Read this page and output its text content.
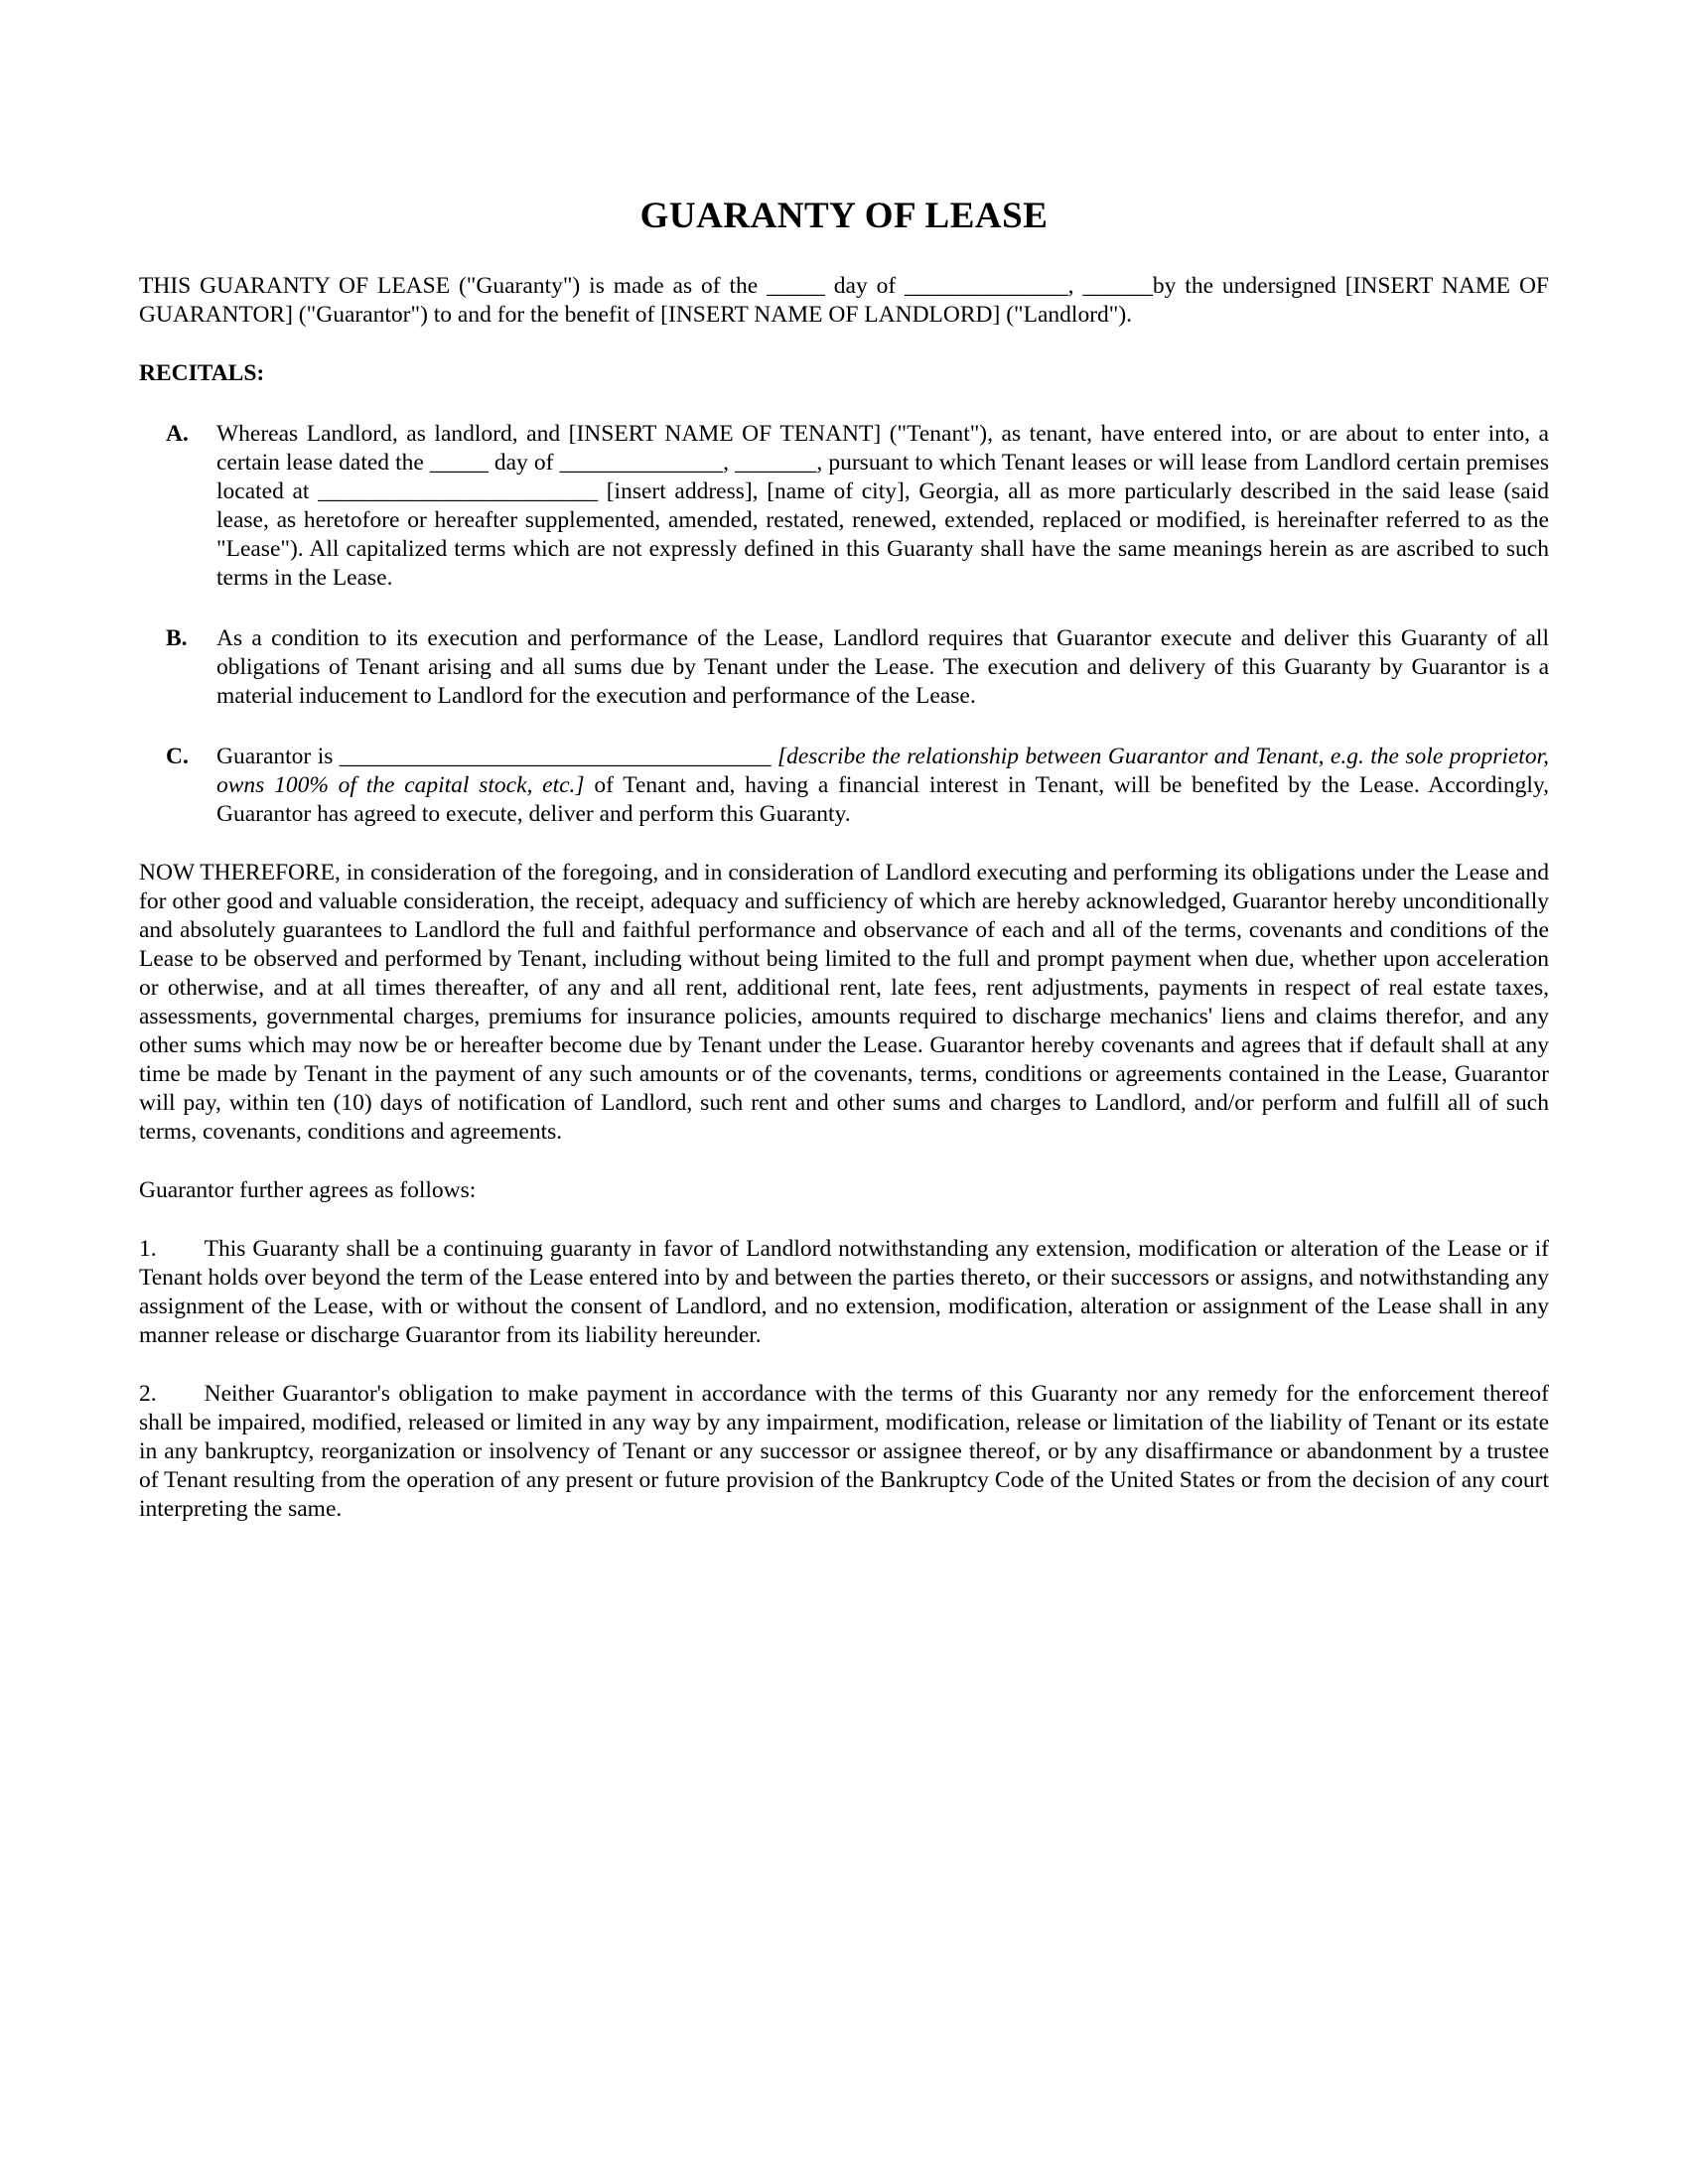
GUARANTY OF LEASE

THIS GUARANTY OF LEASE ("Guaranty") is made as of the _____ day of ______________, ______by the undersigned [INSERT NAME OF GUARANTOR] ("Guarantor") to and for the benefit of [INSERT NAME OF LANDLORD] ("Landlord").

RECITALS:
A.	Whereas Landlord, as landlord, and [INSERT NAME OF TENANT] ("Tenant"), as tenant, have entered into, or are about to enter into, a certain lease dated the _____ day of ______________, _______, pursuant to which Tenant leases or will lease from Landlord certain premises located at ________________________ [insert address], [name of city], Georgia, all as more particularly described in the said lease (said lease, as heretofore or hereafter supplemented, amended, restated, renewed, extended, replaced or modified, is hereinafter referred to as the "Lease"). All capitalized terms which are not expressly defined in this Guaranty shall have the same meanings herein as are ascribed to such terms in the Lease.

B.	As a condition to its execution and performance of the Lease, Landlord requires that Guarantor execute and deliver this Guaranty of all obligations of Tenant arising and all sums due by Tenant under the Lease. The execution and delivery of this Guaranty by Guarantor is a material inducement to Landlord for the execution and performance of the Lease.

C.	Guarantor is _____________________________________ [describe the relationship between Guarantor and Tenant, e.g. the sole proprietor, owns 100% of the capital stock, etc.] of Tenant and, having a financial interest in Tenant, will be benefited by the Lease. Accordingly, Guarantor has agreed to execute, deliver and perform this Guaranty.

NOW THEREFORE, in consideration of the foregoing, and in consideration of Landlord executing and performing its obligations under the Lease and for other good and valuable consideration, the receipt, adequacy and sufficiency of which are hereby acknowledged, Guarantor hereby unconditionally and absolutely guarantees to Landlord the full and faithful performance and observance of each and all of the terms, covenants and conditions of the Lease to be observed and performed by Tenant, including without being limited to the full and prompt payment when due, whether upon acceleration or otherwise, and at all times thereafter, of any and all rent, additional rent, late fees, rent adjustments, payments in respect of real estate taxes, assessments, governmental charges, premiums for insurance policies, amounts required to discharge mechanics' liens and claims therefor, and any other sums which may now be or hereafter become due by Tenant under the Lease. Guarantor hereby covenants and agrees that if default shall at any time be made by Tenant in the payment of any such amounts or of the covenants, terms, conditions or agreements contained in the Lease, Guarantor will pay, within ten (10) days of notification of Landlord, such rent and other sums and charges to Landlord, and/or perform and fulfill all of such terms, covenants, conditions and agreements.

Guarantor further agrees as follows:

1. This Guaranty shall be a continuing guaranty in favor of Landlord notwithstanding any extension, modification or alteration of the Lease or if Tenant holds over beyond the term of the Lease entered into by and between the parties thereto, or their successors or assigns, and notwithstanding any assignment of the Lease, with or without the consent of Landlord, and no extension, modification, alteration or assignment of the Lease shall in any manner release or discharge Guarantor from its liability hereunder.

2. Neither Guarantor's obligation to make payment in accordance with the terms of this Guaranty nor any remedy for the enforcement thereof shall be impaired, modified, released or limited in any way by any impairment, modification, release or limitation of the liability of Tenant or its estate in any bankruptcy, reorganization or insolvency of Tenant or any successor or assignee thereof, or by any disaffirmance or abandonment by a trustee of Tenant resulting from the operation of any present or future provision of the Bankruptcy Code of the United States or from the decision of any court interpreting the same.
